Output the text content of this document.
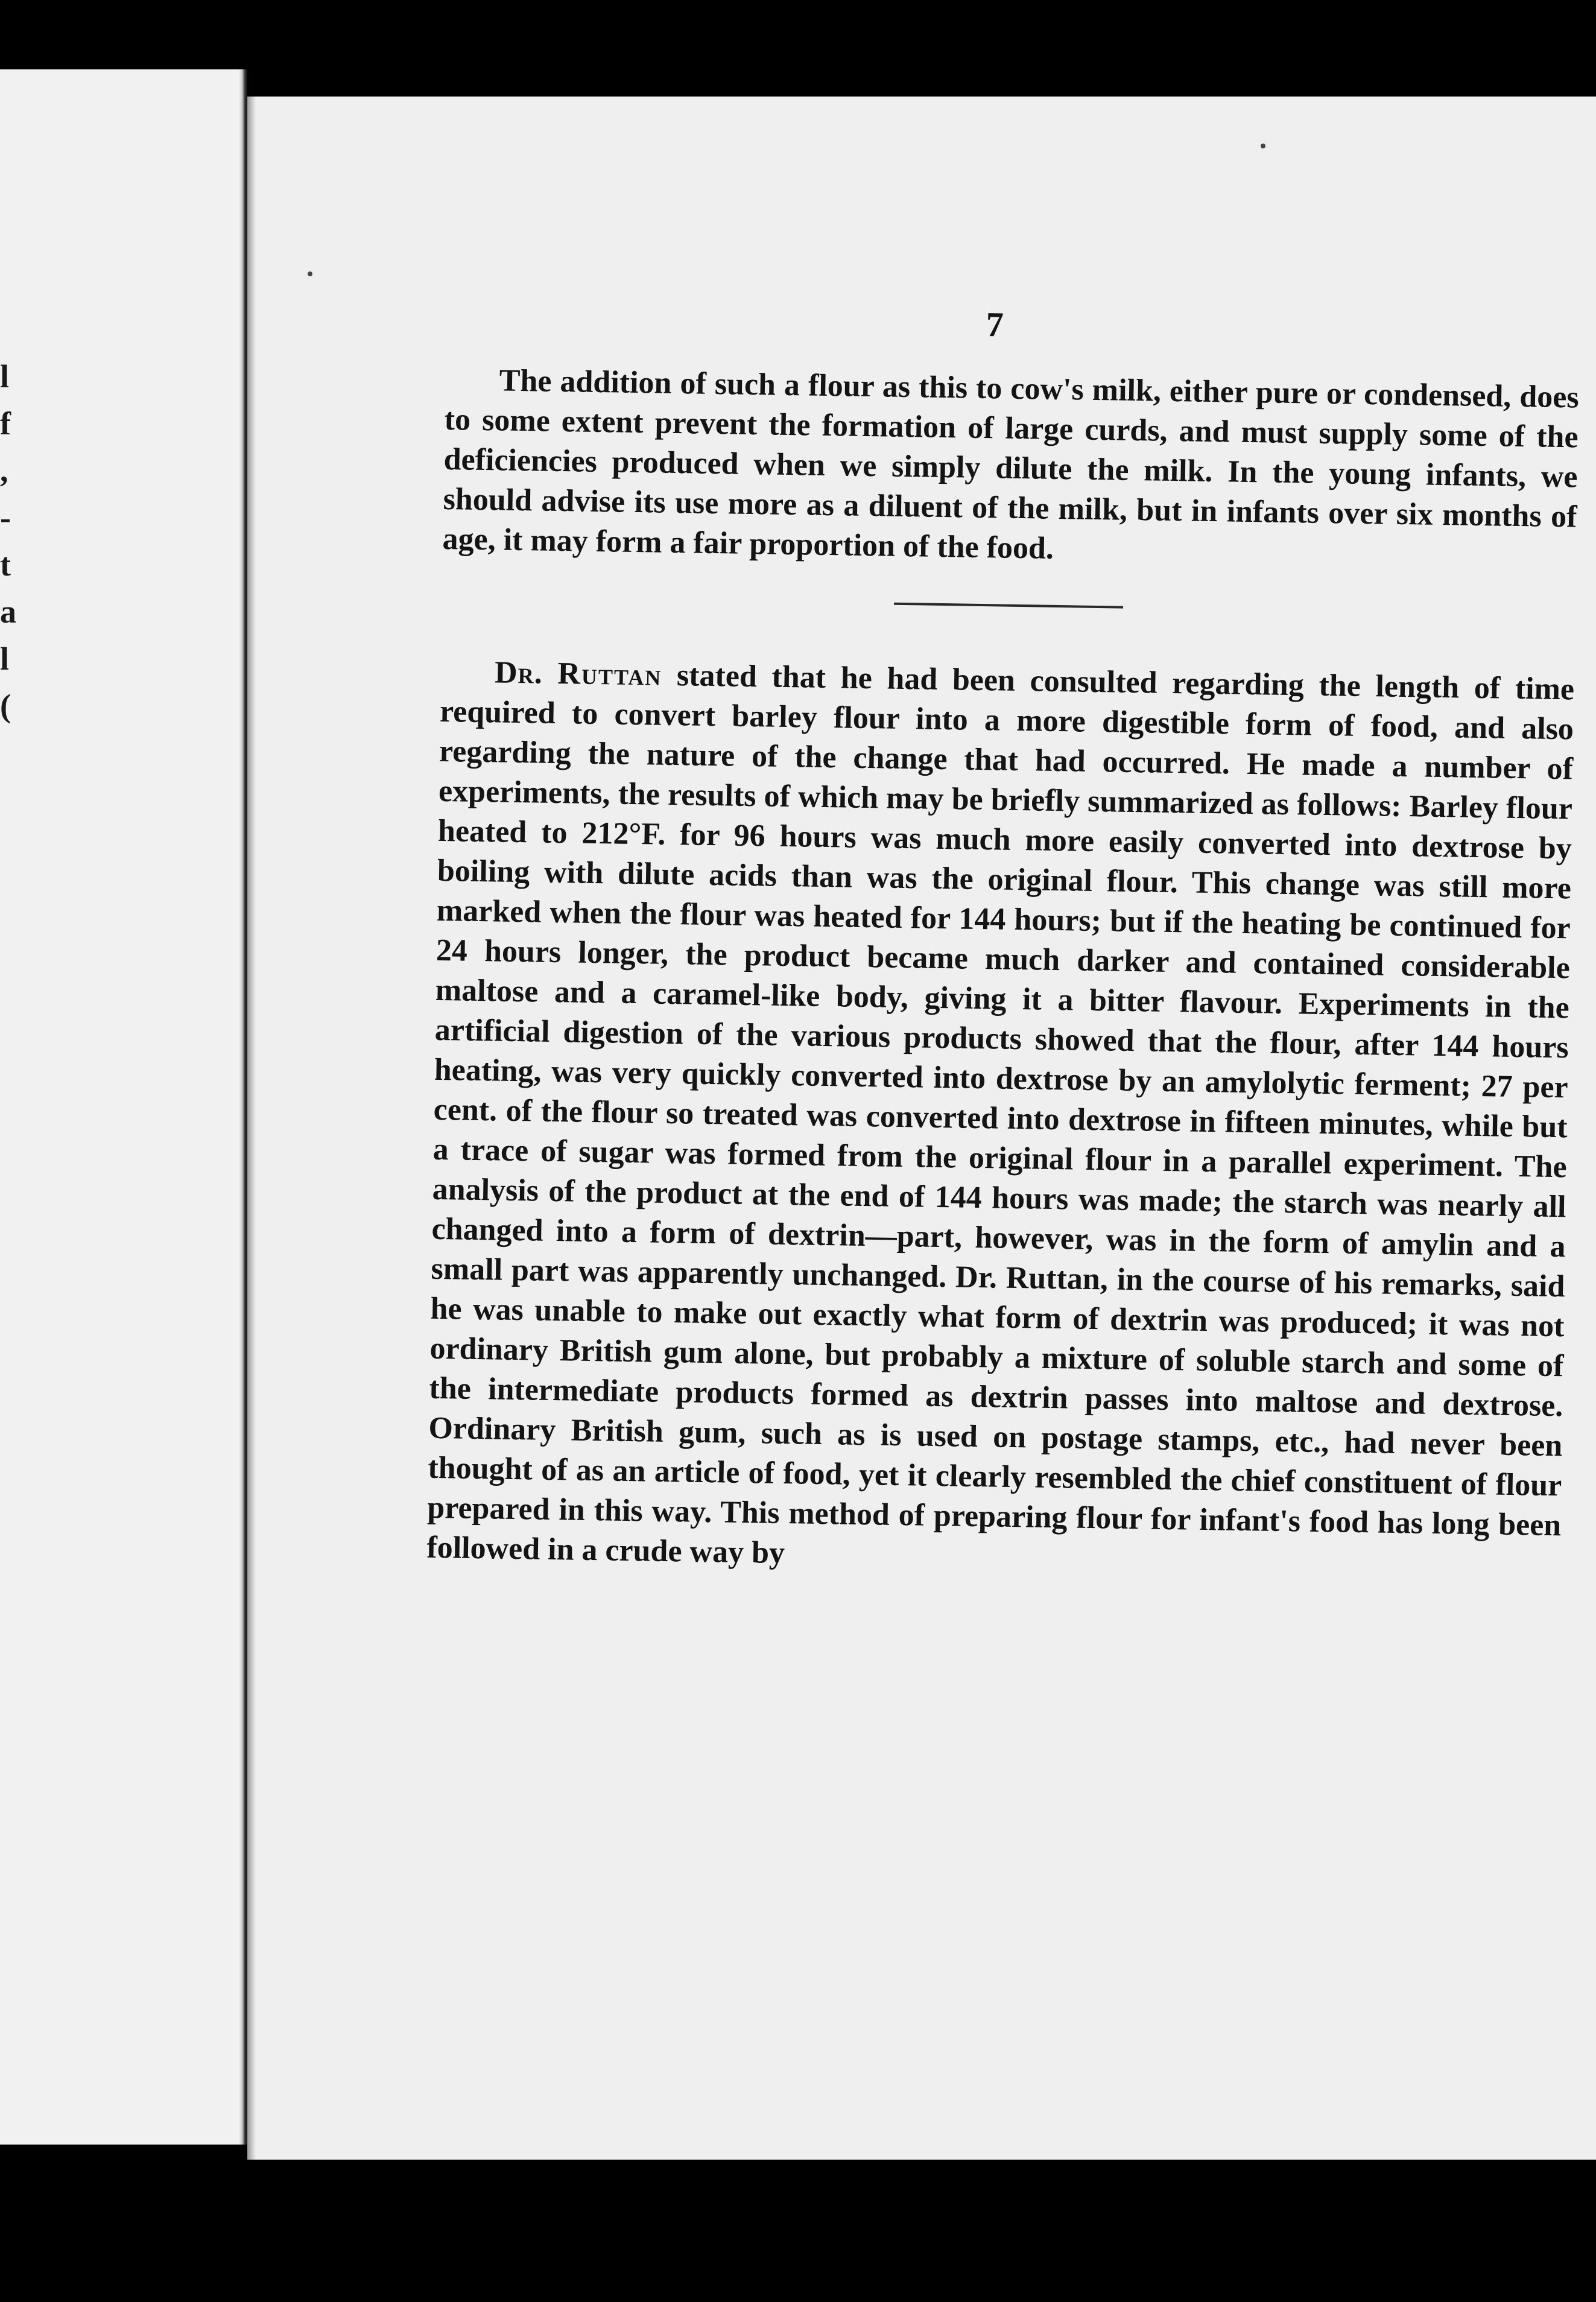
l
f
,
-
t
a
l
(
7

The addition of such a flour as this to cow's milk, either pure or condensed, does to some extent prevent the formation of large curds, and must supply some of the deficiencies produced when we simply dilute the milk. In the young infants, we should advise its use more as a diluent of the milk, but in infants over six months of age, it may form a fair proportion of the food.

Dr. Ruttan stated that he had been consulted regarding the length of time required to convert barley flour into a more digestible form of food, and also regarding the nature of the change that had occurred. He made a number of experiments, the results of which may be briefly summarized as follows: Barley flour heated to 212°F. for 96 hours was much more easily converted into dextrose by boiling with dilute acids than was the original flour. This change was still more marked when the flour was heated for 144 hours; but if the heating be continued for 24 hours longer, the product became much darker and contained considerable maltose and a caramel-like body, giving it a bitter flavour. Experiments in the artificial digestion of the various products showed that the flour, after 144 hours heating, was very quickly converted into dextrose by an amylolytic ferment; 27 per cent. of the flour so treated was converted into dextrose in fifteen minutes, while but a trace of sugar was formed from the original flour in a parallel experiment. The analysis of the product at the end of 144 hours was made; the starch was nearly all changed into a form of dextrin—part, however, was in the form of amylin and a small part was apparently unchanged. Dr. Ruttan, in the course of his remarks, said he was unable to make out exactly what form of dextrin was produced; it was not ordinary British gum alone, but probably a mixture of soluble starch and some of the intermediate products formed as dextrin passes into maltose and dextrose. Ordinary British gum, such as is used on postage stamps, etc., had never been thought of as an article of food, yet it clearly resembled the chief constituent of flour prepared in this way. This method of preparing flour for infant's food has long been followed in a crude way by
